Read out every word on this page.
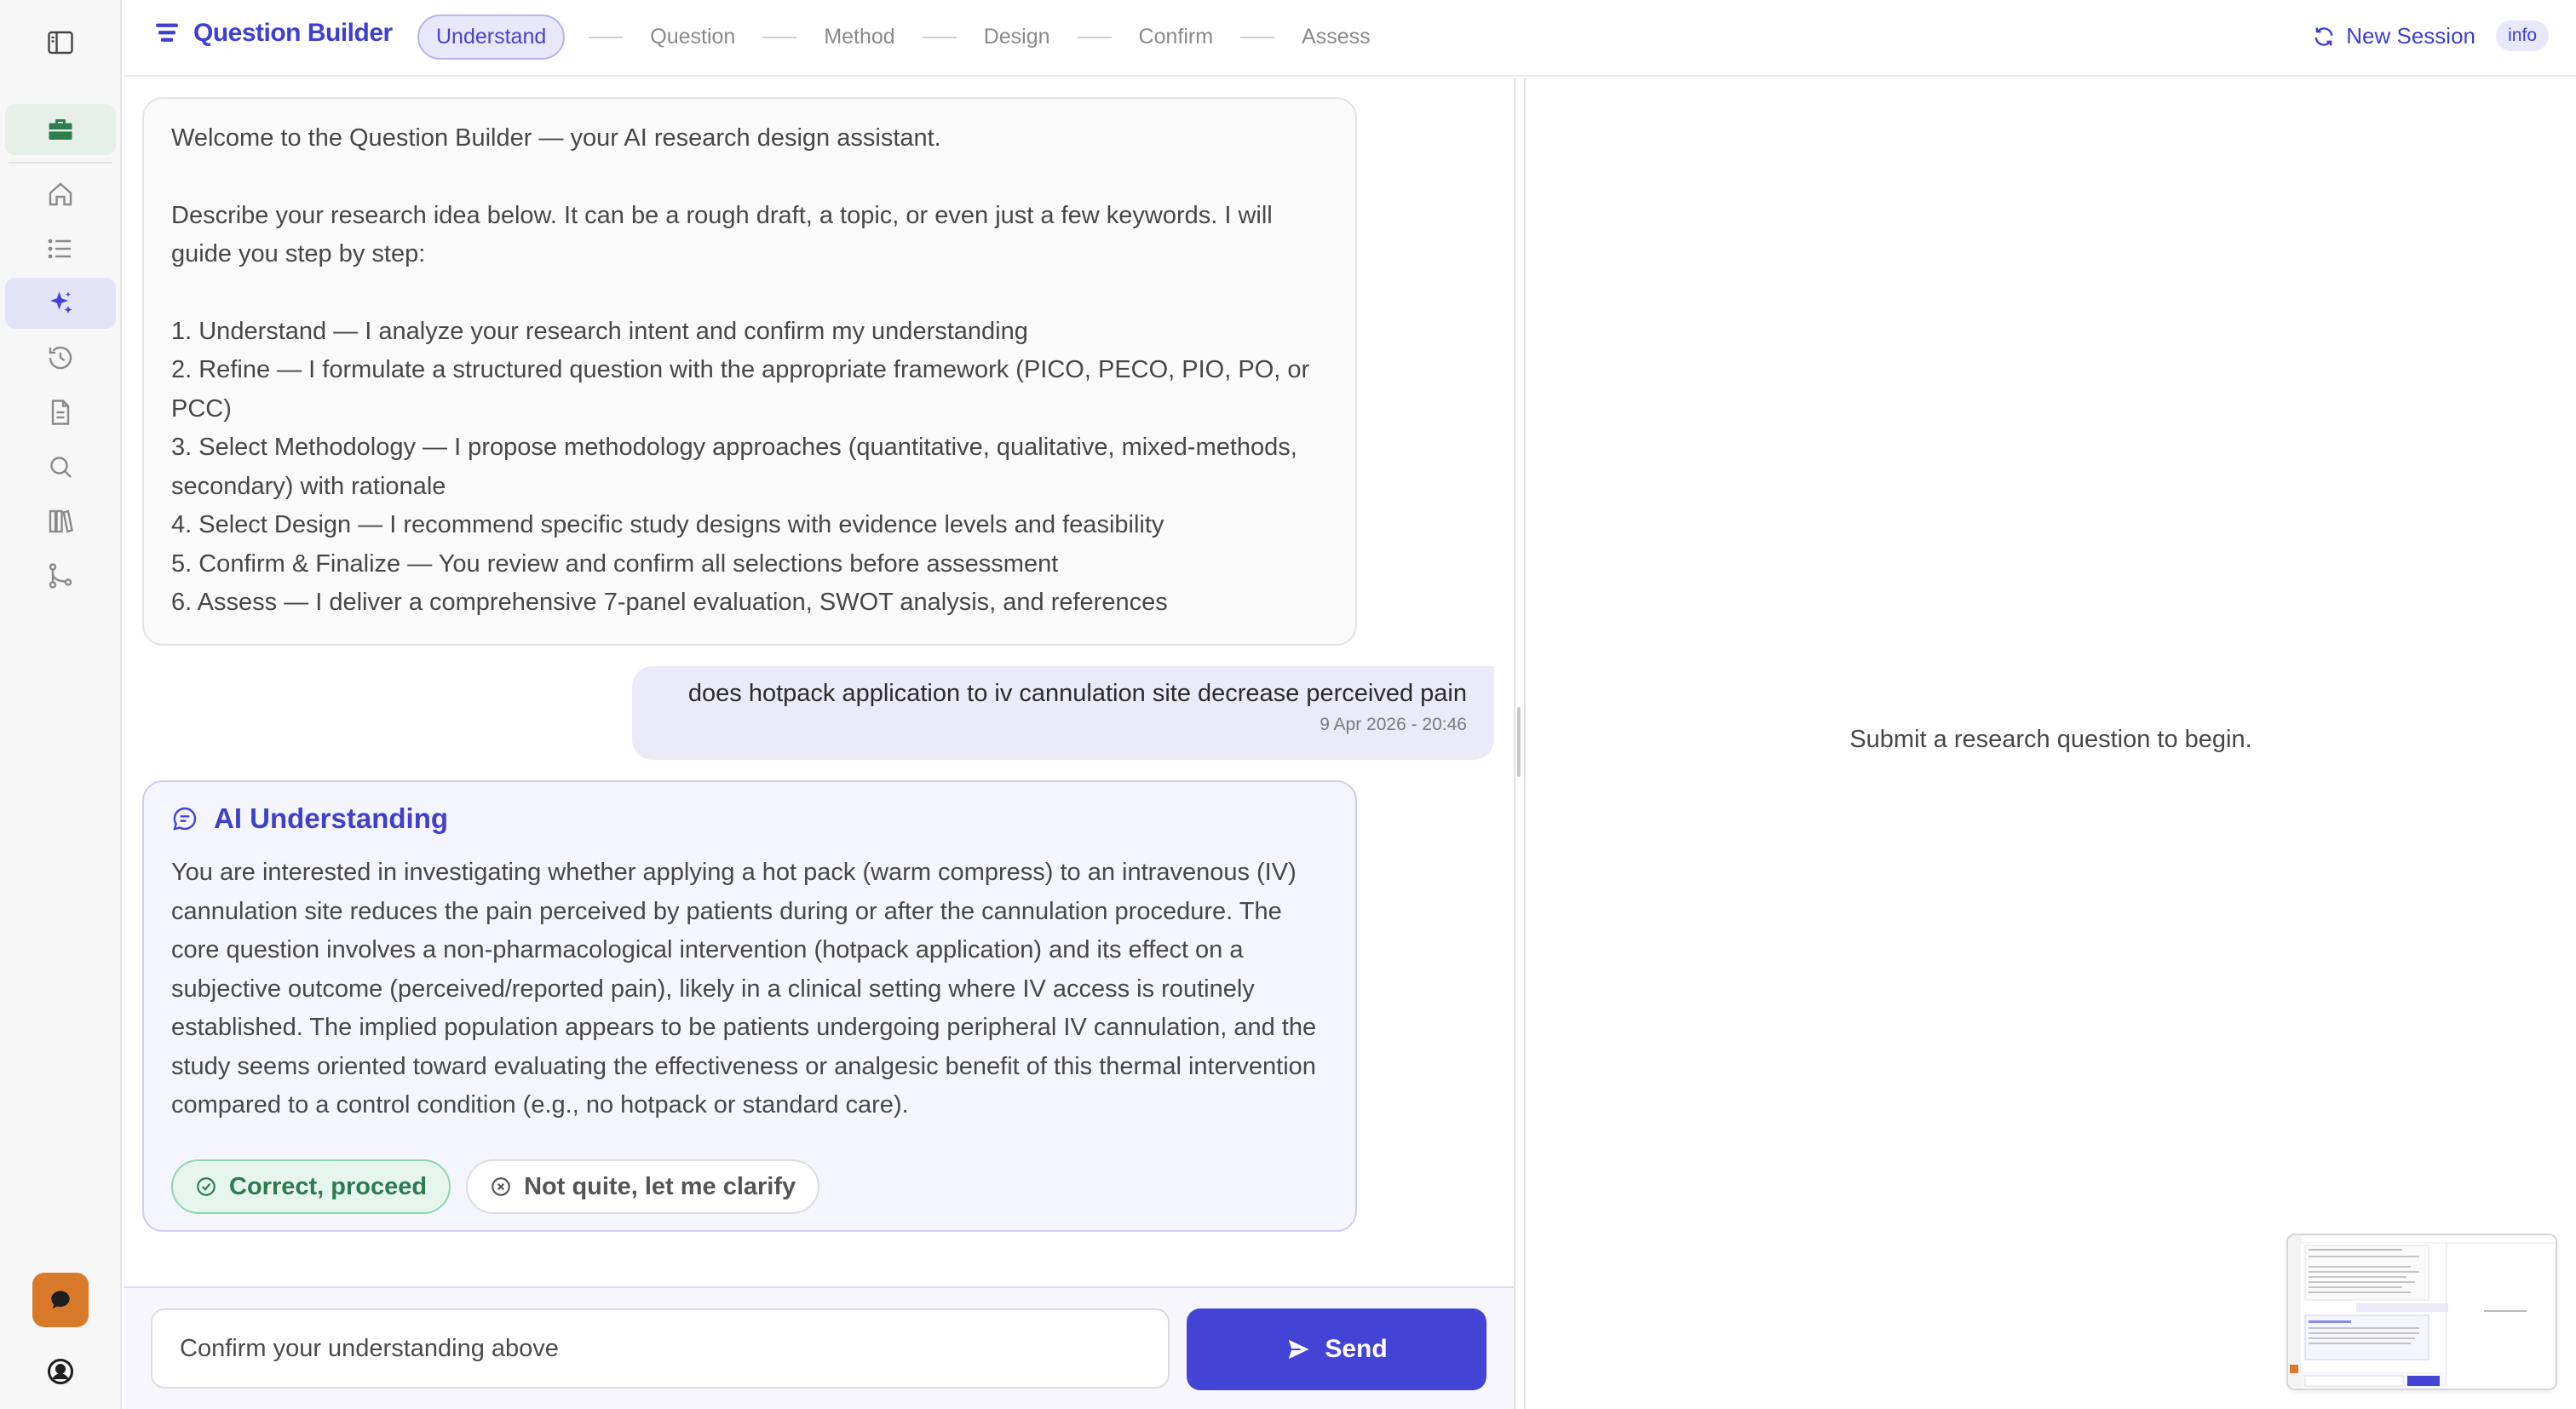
Question Builder	Understand	Question	Method	Design	Confirm	Assess	New Session	info

Welcome to the Question Builder — your AI research design assistant.

Describe your research idea below. It can be a rough draft, a topic, or even just a few keywords. I will guide you step by step:

1. Understand — I analyze your research intent and confirm my understanding

2. Refine — I formulate a structured question with the appropriate framework (PICO, PECO, PIO, PO, or PCC)

3. Select Methodology — I propose methodology approaches (quantitative, qualitative, mixed-methods, secondary) with rationale

4. Select Design — I recommend specific study designs with evidence levels and feasibility

5. Confirm & Finalize — You review and confirm all selections before assessment

6. Assess — I deliver a comprehensive 7-panel evaluation, SWOT analysis, and references

does hotpack application to iv cannulation site decrease perceived pain
9 Apr 2026 - 20:46
AI Understanding
You are interested in investigating whether applying a hot pack (warm compress) to an intravenous (IV) cannulation site reduces the pain perceived by patients during or after the cannulation procedure. The core question involves a non-pharmacological intervention (hotpack application) and its effect on a subjective outcome (perceived/reported pain), likely in a clinical setting where IV access is routinely established. The implied population appears to be patients undergoing peripheral IV cannulation, and the study seems oriented toward evaluating the effectiveness or analgesic benefit of this thermal intervention compared to a control condition (e.g., no hotpack or standard care).
Correct, proceed	Not quite, let me clarify
Confirm your understanding above	Send
Submit a research question to begin.
